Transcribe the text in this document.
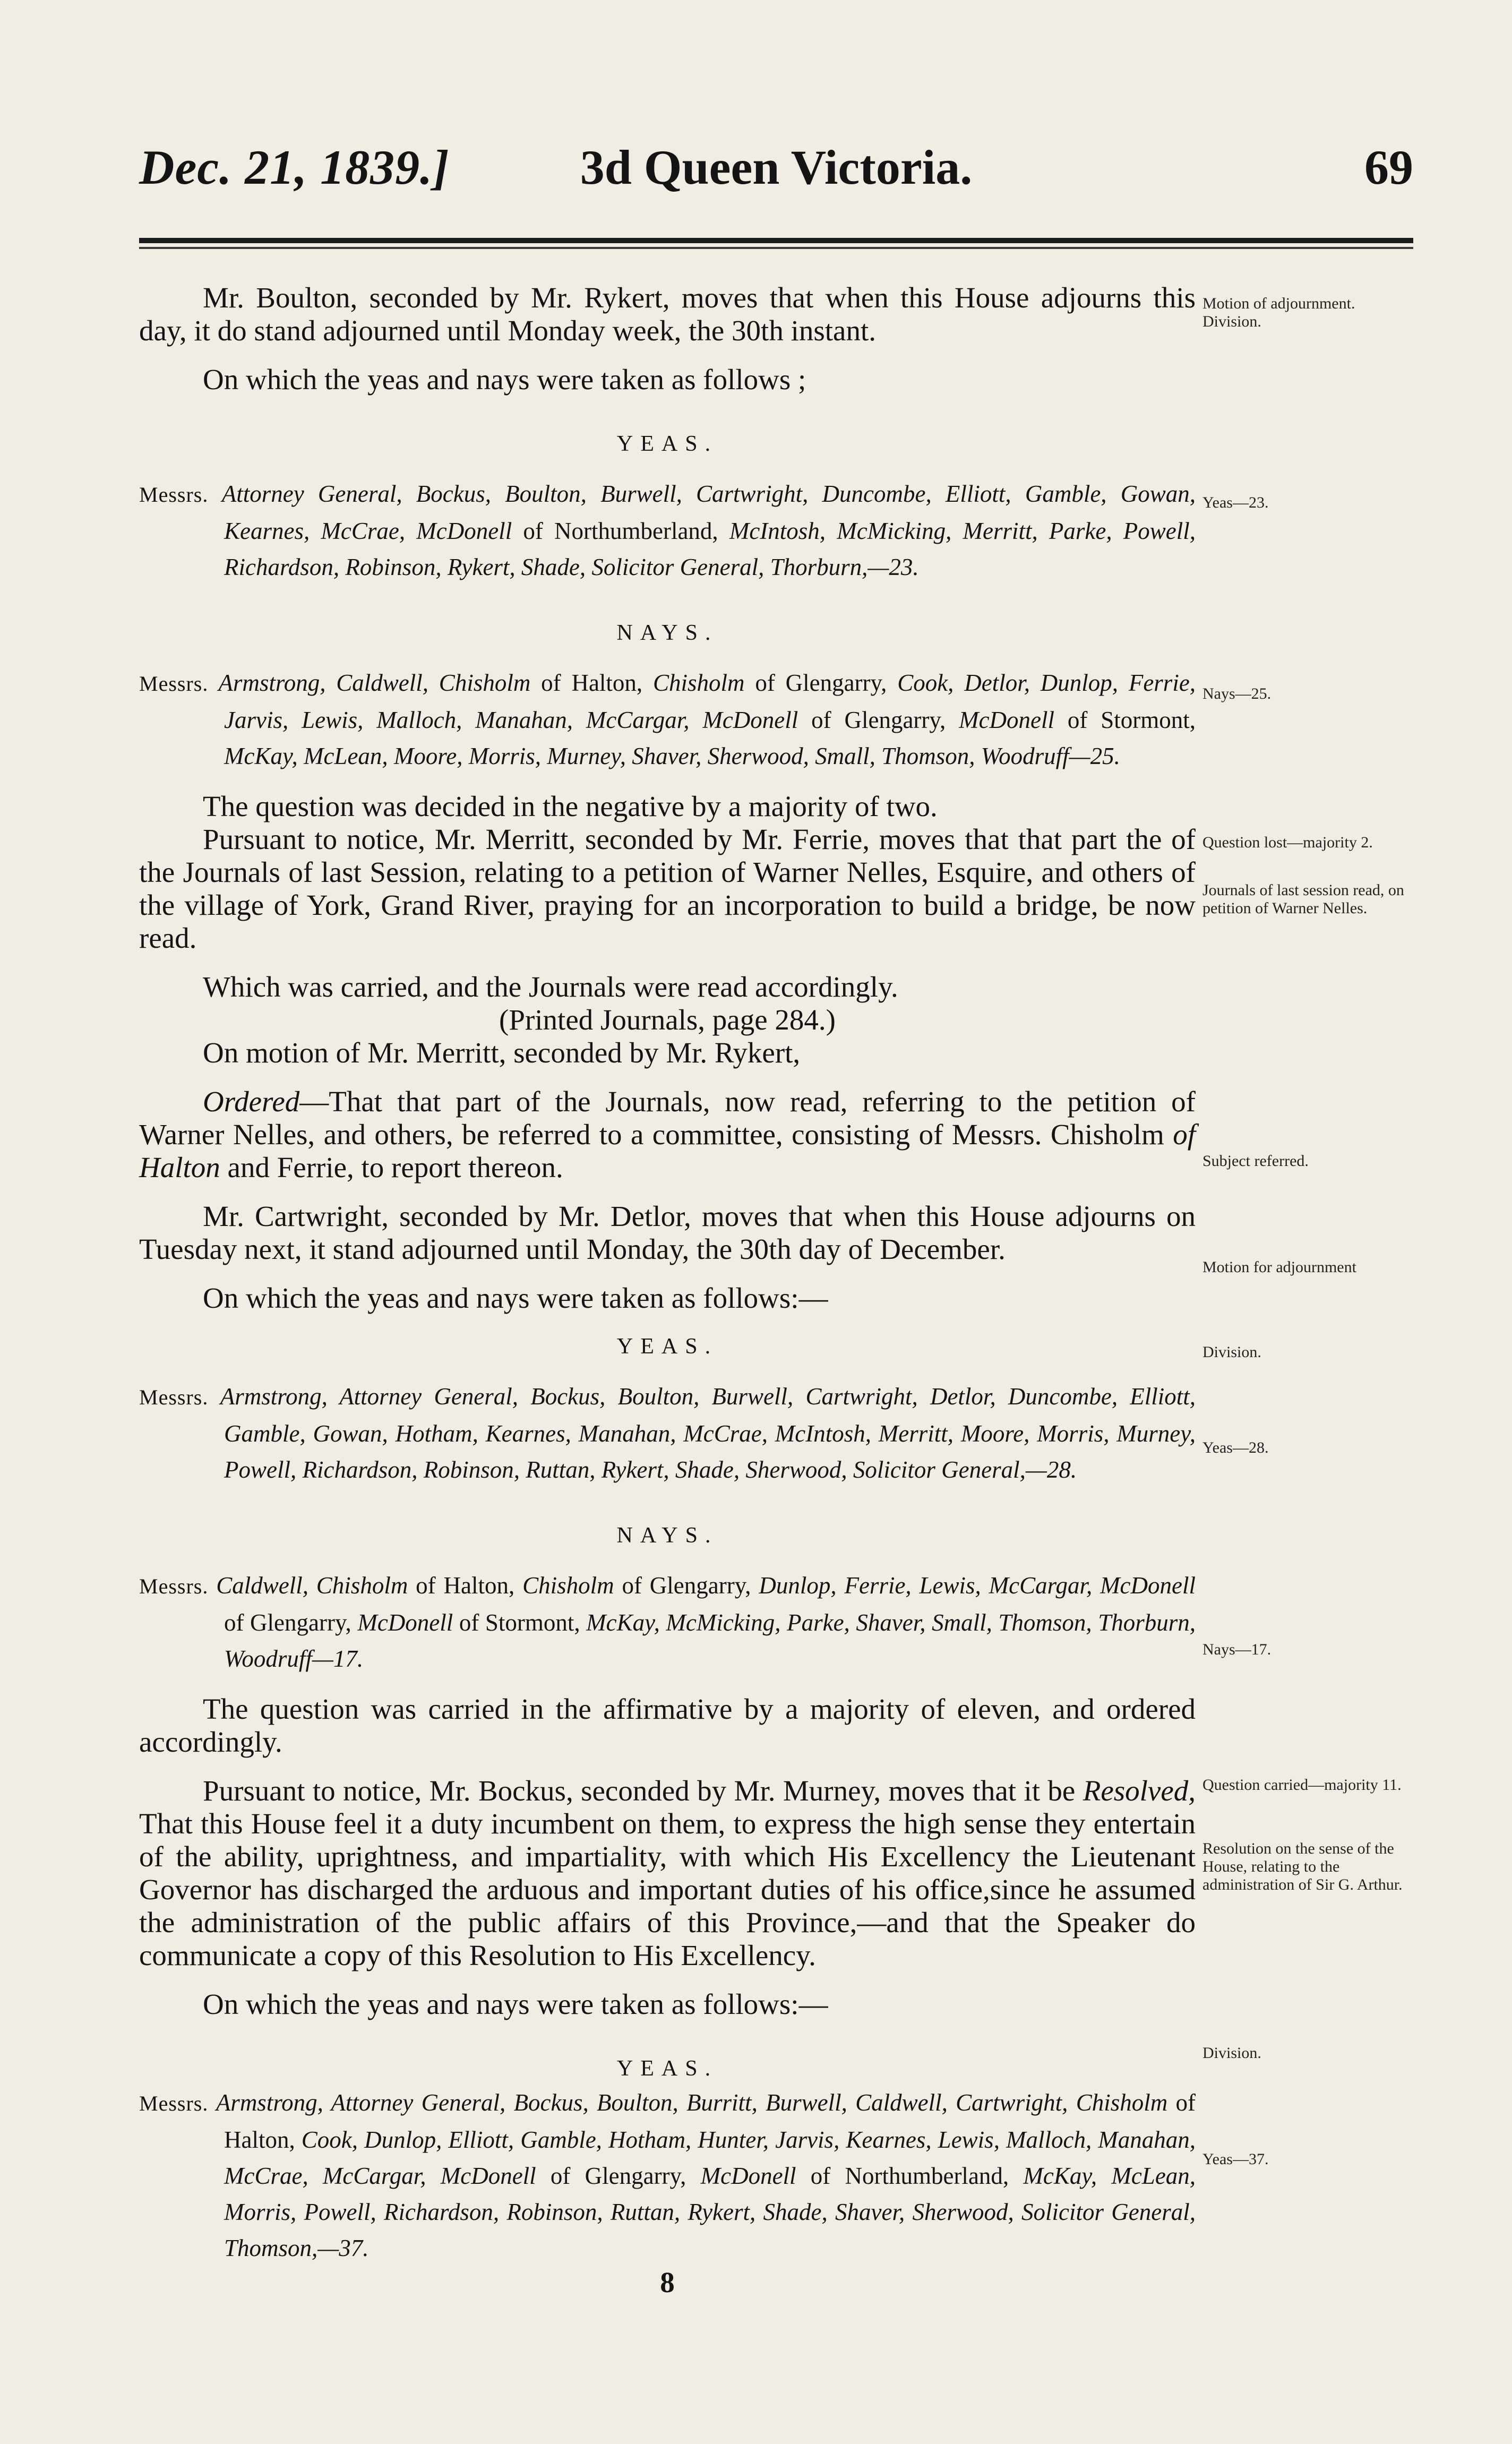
Dec. 21, 1839.]	3d Queen Victoria.	69

Mr. Boulton, seconded by Mr. Rykert, moves that when this House adjourns this day, it do stand adjourned until Monday week, the 30th instant.

On which the yeas and nays were taken as follows ;

YEAS.

Messrs. Attorney General, Bockus, Boulton, Burwell, Cartwright, Duncombe, Elliott, Gamble, Gowan, Kearnes, McCrae, McDonell of Northumberland, McIntosh, McMicking, Merritt, Parke, Powell, Richardson, Robinson, Rykert, Shade, Solicitor General, Thorburn,—23.

NAYS.

Messrs. Armstrong, Caldwell, Chisholm of Halton, Chisholm of Glengarry, Cook, Detlor, Dunlop, Ferrie, Jarvis, Lewis, Malloch, Manahan, McCargar, McDonell of Glengarry, McDonell of Stormont, McKay, McLean, Moore, Morris, Murney, Shaver, Sherwood, Small, Thomson, Woodruff—25.

The question was decided in the negative by a majority of two.

Pursuant to notice, Mr. Merritt, seconded by Mr. Ferrie, moves that that part the of the Journals of last Session, relating to a petition of Warner Nelles, Esquire, and others of the village of York, Grand River, praying for an incorporation to build a bridge, be now read.

Which was carried, and the Journals were read accordingly.

(Printed Journals, page 284.)

On motion of Mr. Merritt, seconded by Mr. Rykert,

Ordered—That that part of the Journals, now read, referring to the petition of Warner Nelles, and others, be referred to a committee, consisting of Messrs. Chisholm of Halton and Ferrie, to report thereon.

Mr. Cartwright, seconded by Mr. Detlor, moves that when this House adjourns on Tuesday next, it stand adjourned until Monday, the 30th day of December.

On which the yeas and nays were taken as follows:—

YEAS.

Messrs. Armstrong, Attorney General, Bockus, Boulton, Burwell, Cartwright, Detlor, Duncombe, Elliott, Gamble, Gowan, Hotham, Kearnes, Manahan, McCrae, McIntosh, Merritt, Moore, Morris, Murney, Powell, Richardson, Robinson, Ruttan, Rykert, Shade, Sherwood, Solicitor General,—28.

NAYS.

Messrs. Caldwell, Chisholm of Halton, Chisholm of Glengarry, Dunlop, Ferrie, Lewis, McCargar, McDonell of Glengarry, McDonell of Stormont, McKay, McMicking, Parke, Shaver, Small, Thomson, Thorburn, Woodruff—17.

The question was carried in the affirmative by a majority of eleven, and ordered accordingly.

Pursuant to notice, Mr. Bockus, seconded by Mr. Murney, moves that it be Resolved, That this House feel it a duty incumbent on them, to express the high sense they entertain of the ability, uprightness, and impartiality, with which His Excellency the Lieutenant Governor has discharged the arduous and important duties of his office,since he assumed the administration of the public affairs of this Province,—and that the Speaker do communicate a copy of this Resolution to His Excellency.

On which the yeas and nays were taken as follows:—

YEAS.

Messrs. Armstrong, Attorney General, Bockus, Boulton, Burritt, Burwell, Caldwell, Cartwright, Chisholm of Halton, Cook, Dunlop, Elliott, Gamble, Hotham, Hunter, Jarvis, Kearnes, Lewis, Malloch, Manahan, McCrae, McCargar, McDonell of Glengarry, McDonell of Northumberland, McKay, McLean, Morris, Powell, Richardson, Robinson, Ruttan, Rykert, Shade, Shaver, Sherwood, Solicitor General, Thomson,—37.

8

Motion of adjournment. Division.
Yeas—23.
Nays—25.
Question lost—majority 2.
Journals of last session read, on petition of Warner Nelles.
Subject referred.
Motion for adjournment
Division.
Yeas—28.
Nays—17.
Question carried—majority 11.
Resolution on the sense of the House, relating to the administration of Sir G. Arthur.
Division.
Yeas—37.
